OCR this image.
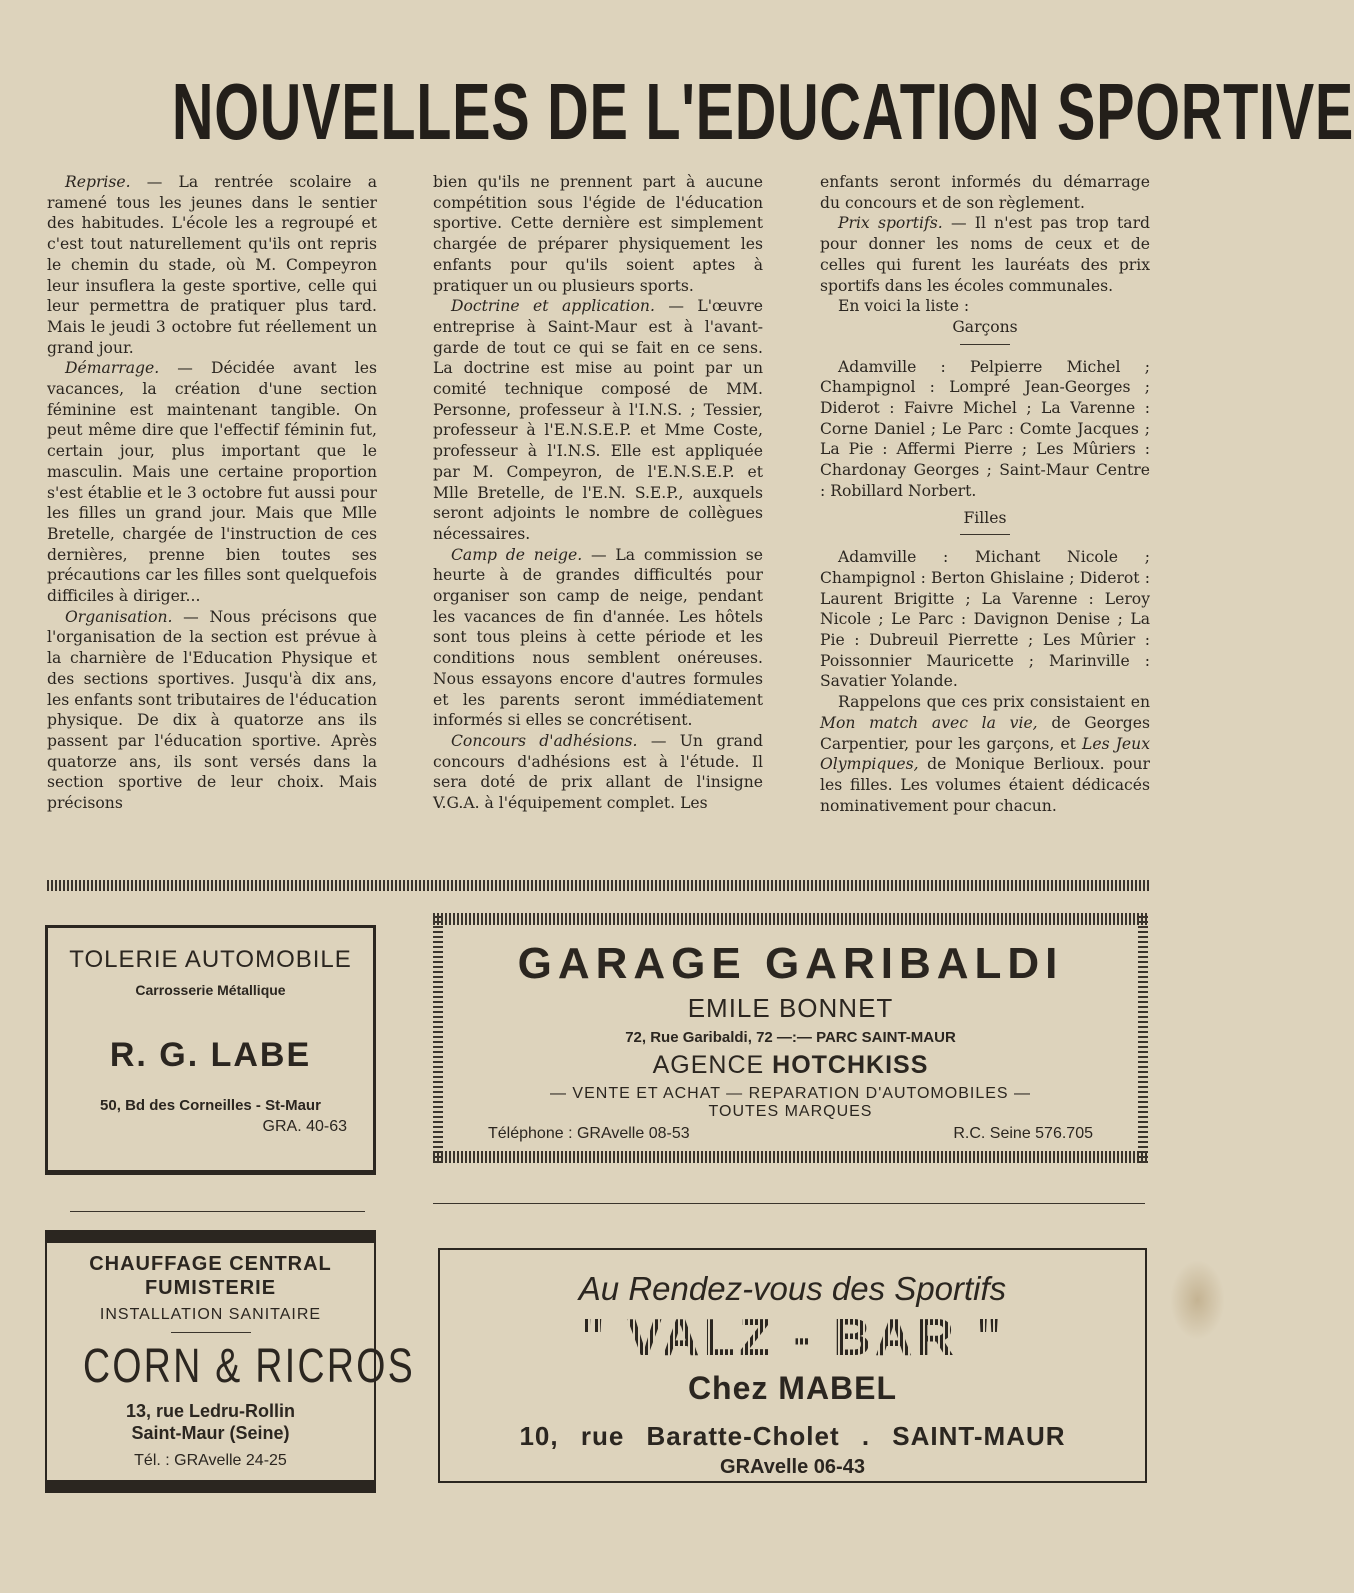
NOUVELLES DE L'EDUCATION SPORTIVE

Reprise. — La rentrée scolaire a ramené tous les jeunes dans le sentier des habitudes. L'école les a regroupé et c'est tout naturellement qu'ils ont repris le chemin du stade, où M. Compeyron leur insuflera la geste sportive, celle qui leur permettra de pratiquer plus tard. Mais le jeudi 3 octobre fut réellement un grand jour.

Démarrage. — Décidée avant les vacances, la création d'une section féminine est maintenant tangible. On peut même dire que l'effectif féminin fut, certain jour, plus important que le masculin. Mais une certaine proportion s'est établie et le 3 octobre fut aussi pour les filles un grand jour. Mais que Mlle Bretelle, chargée de l'instruction de ces dernières, prenne bien toutes ses précautions car les filles sont quelquefois difficiles à diriger...

Organisation. — Nous précisons que l'organisation de la section est prévue à la charnière de l'Education Physique et des sections sportives. Jusqu'à dix ans, les enfants sont tributaires de l'éducation physique. De dix à quatorze ans ils passent par l'éducation sportive. Après quatorze ans, ils sont versés dans la section sportive de leur choix. Mais précisons

bien qu'ils ne prennent part à aucune compétition sous l'égide de l'éducation sportive. Cette dernière est simplement chargée de préparer physiquement les enfants pour qu'ils soient aptes à pratiquer un ou plusieurs sports.

Doctrine et application. — L'œuvre entreprise à Saint-Maur est à l'avant-garde de tout ce qui se fait en ce sens. La doctrine est mise au point par un comité technique composé de MM. Personne, professeur à l'I.N.S. ; Tessier, professeur à l'E.N.S.E.P. et Mme Coste, professeur à l'I.N.S. Elle est appliquée par M. Compeyron, de l'E.N.S.E.P. et Mlle Bretelle, de l'E.N. S.E.P., auxquels seront adjoints le nombre de collègues nécessaires.

Camp de neige. — La commission se heurte à de grandes difficultés pour organiser son camp de neige, pendant les vacances de fin d'année. Les hôtels sont tous pleins à cette période et les conditions nous semblent onéreuses. Nous essayons encore d'autres formules et les parents seront immédiatement informés si elles se concrétisent.

Concours d'adhésions. — Un grand concours d'adhésions est à l'étude. Il sera doté de prix allant de l'insigne V.G.A. à l'équipement complet. Les

enfants seront informés du démarrage du concours et de son règlement.

Prix sportifs. — Il n'est pas trop tard pour donner les noms de ceux et de celles qui furent les lauréats des prix sportifs dans les écoles communales.

En voici la liste :

Garçons

Adamville : Pelpierre Michel ; Champignol : Lompré Jean-Georges ; Diderot : Faivre Michel ; La Varenne : Corne Daniel ; Le Parc : Comte Jacques ; La Pie : Affermi Pierre ; Les Mûriers : Chardonay Georges ; Saint-Maur Centre : Robillard Norbert.

Filles

Adamville : Michant Nicole ; Champignol : Berton Ghislaine ; Diderot : Laurent Brigitte ; La Varenne : Leroy Nicole ; Le Parc : Davignon Denise ; La Pie : Dubreuil Pierrette ; Les Mûrier : Poissonnier Mauricette ; Marinville : Savatier Yolande.

Rappelons que ces prix consistaient en Mon match avec la vie, de Georges Carpentier, pour les garçons, et Les Jeux Olympiques, de Monique Berlioux. pour les filles. Les volumes étaient dédicacés nominativement pour chacun.

TOLERIE AUTOMOBILE
Carrosserie Métallique
R. G. LABE
50, Bd des Corneilles - St-Maur
GRA. 40-63
GARAGE GARIBALDI
EMILE BONNET
72, Rue Garibaldi, 72 —:— PARC SAINT-MAUR
AGENCE HOTCHKISS
— VENTE ET ACHAT — REPARATION D'AUTOMOBILES —
TOUTES MARQUES
Téléphone : GRAvelle 08-53	R.C. Seine 576.705
CHAUFFAGE CENTRAL
FUMISTERIE
INSTALLATION SANITAIRE
CORN & RICROS
13, rue Ledru-Rollin
Saint-Maur (Seine)
Tél. : GRAvelle 24-25
Au Rendez-vous des Sportifs
" VALZ - BAR "
Chez MABEL
10, rue Baratte-Cholet . SAINT-MAUR
GRAvelle 06-43
